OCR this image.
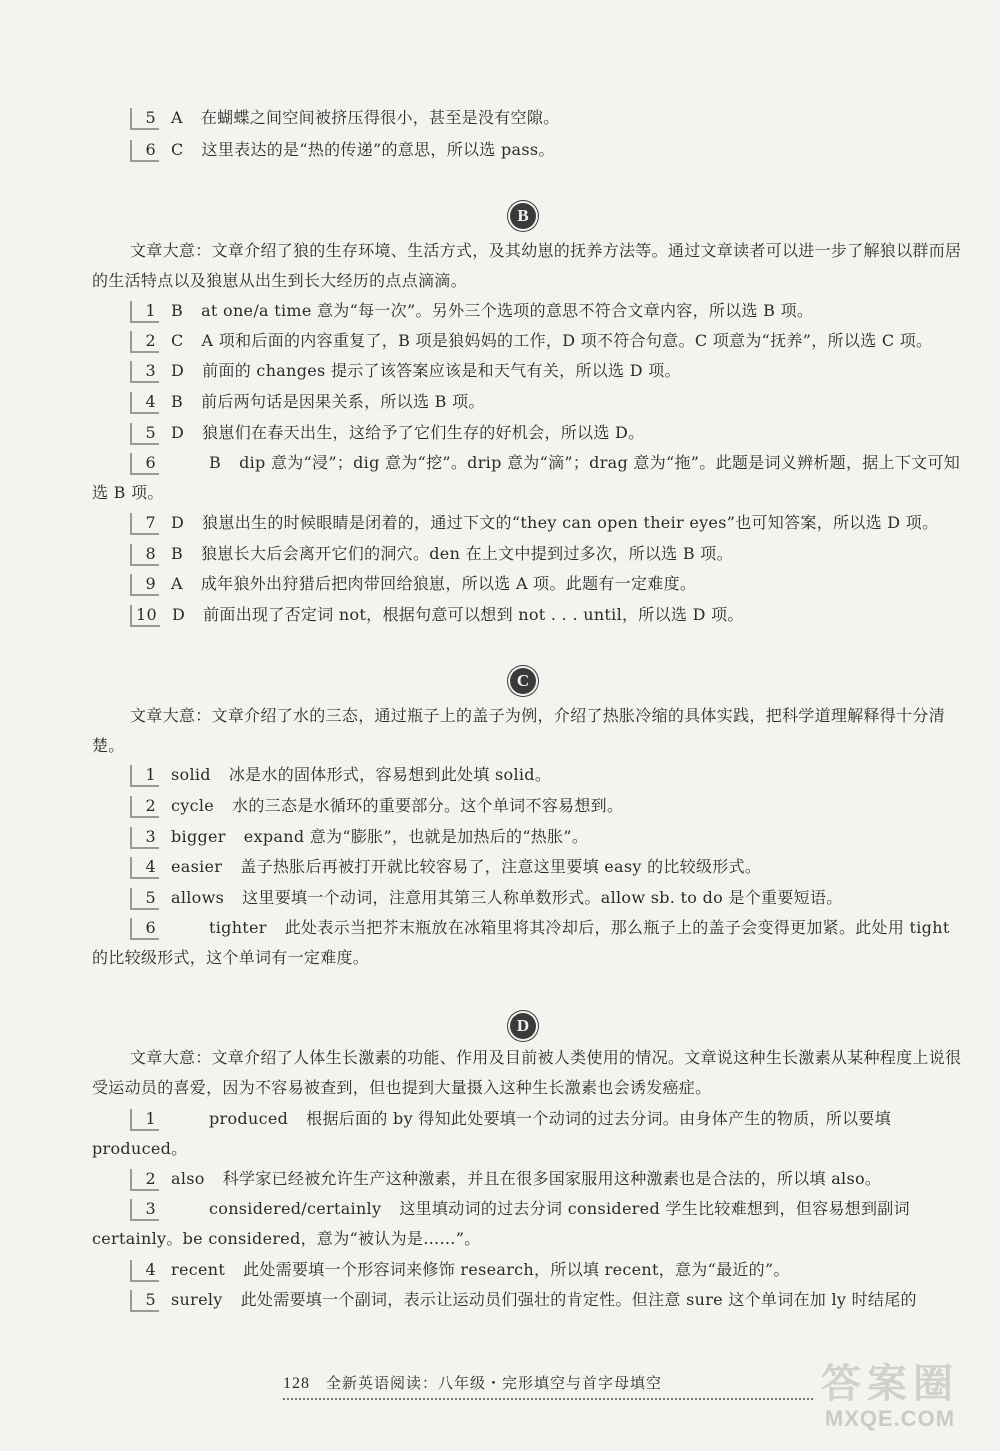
5 A 在蝴蝶之间空间被挤压得很小，甚至是没有空隙。
6 C 这里表达的是“热的传递”的意思，所以选 pass。
B
文章大意：文章介绍了狼的生存环境、生活方式，及其幼崽的抚养方法等。通过文章读者可以进一步了解狼以群而居的生活特点以及狼崽从出生到长大经历的点点滴滴。
1 B at one/a time 意为“每一次”。另外三个选项的意思不符合文章内容，所以选 B 项。
2 C A 项和后面的内容重复了，B 项是狼妈妈的工作，D 项不符合句意。C 项意为“抚养”，所以选 C 项。
3 D 前面的 changes 提示了该答案应该是和天气有关，所以选 D 项。
4 B 前后两句话是因果关系，所以选 B 项。
5 D 狼崽们在春天出生，这给予了它们生存的好机会，所以选 D。
6	B dip 意为“浸”；dig 意为“挖”。drip 意为“滴”；drag 意为“拖”。此题是词义辨析题，据上下文可知选 B 项。
7 D 狼崽出生的时候眼睛是闭着的，通过下文的“they can open their eyes”也可知答案，所以选 D 项。
8 B 狼崽长大后会离开它们的洞穴。den 在上文中提到过多次，所以选 B 项。
9 A 成年狼外出狩猎后把肉带回给狼崽，所以选 A 项。此题有一定难度。
10 D 前面出现了否定词 not，根据句意可以想到 not . . . until，所以选 D 项。
C
文章大意：文章介绍了水的三态，通过瓶子上的盖子为例，介绍了热胀冷缩的具体实践，把科学道理解释得十分清楚。
1 solid 冰是水的固体形式，容易想到此处填 solid。
2 cycle 水的三态是水循环的重要部分。这个单词不容易想到。
3 bigger expand 意为“膨胀”，也就是加热后的“热胀”。
4 easier 盖子热胀后再被打开就比较容易了，注意这里要填 easy 的比较级形式。
5 allows 这里要填一个动词，注意用其第三人称单数形式。allow sb. to do 是个重要短语。
6	tighter 此处表示当把芥末瓶放在冰箱里将其冷却后，那么瓶子上的盖子会变得更加紧。此处用 tight 的比较级形式，这个单词有一定难度。
D
文章大意：文章介绍了人体生长激素的功能、作用及目前被人类使用的情况。文章说这种生长激素从某种程度上说很受运动员的喜爱，因为不容易被查到，但也提到大量摄入这种生长激素也会诱发癌症。
1	produced 根据后面的 by 得知此处要填一个动词的过去分词。由身体产生的物质，所以要填 produced。
2 also 科学家已经被允许生产这种激素，并且在很多国家服用这种激素也是合法的，所以填 also。
3	considered/certainly 这里填动词的过去分词 considered 学生比较难想到，但容易想到副词 certainly。be considered，意为“被认为是……”。
4 recent 此处需要填一个形容词来修饰 research，所以填 recent，意为“最近的”。
5 surely 此处需要填一个副词，表示让运动员们强壮的肯定性。但注意 sure 这个单词在加 ly 时结尾的
128 全新英语阅读：八年级・完形填空与首字母填空	答案圈
MXQE.COM
